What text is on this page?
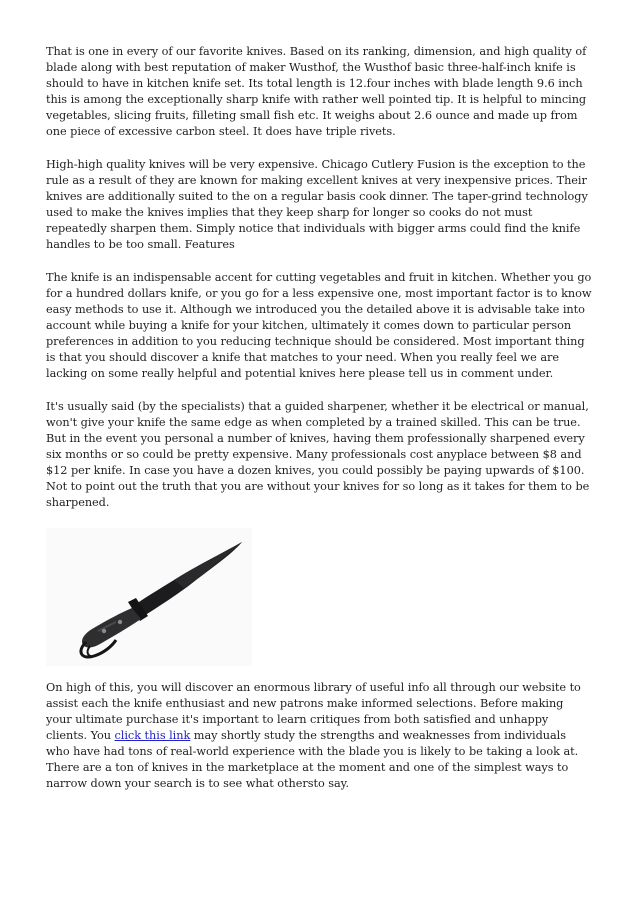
That is one in every of our favorite knives. Based on its ranking, dimension, and high quality of blade along with best reputation of maker Wusthof, the Wusthof basic three-half-inch knife is should to have in kitchen knife set. Its total length is 12.four inches with blade length 9.6 inch this is among the exceptionally sharp knife with rather well pointed tip. It is helpful to mincing vegetables, slicing fruits, filleting small fish etc. It weighs about 2.6 ounce and made up from one piece of excessive carbon steel. It does have triple rivets.

High-high quality knives will be very expensive. Chicago Cutlery Fusion is the exception to the rule as a result of they are known for making excellent knives at very inexpensive prices. Their knives are additionally suited to the on a regular basis cook dinner. The taper-grind technology used to make the knives implies that they keep sharp for longer so cooks do not must repeatedly sharpen them. Simply notice that individuals with bigger arms could find the knife handles to be too small. Features

The knife is an indispensable accent for cutting vegetables and fruit in kitchen. Whether you go for a hundred dollars knife, or you go for a less expensive one, most important factor is to know easy methods to use it. Although we introduced you the detailed above it is advisable take into account while buying a knife for your kitchen, ultimately it comes down to particular person preferences in addition to you reducing technique should be considered. Most important thing is that you should discover a knife that matches to your need. When you really feel we are lacking on some really helpful and potential knives here please tell us in comment under.

It's usually said (by the specialists) that a guided sharpener, whether it be electrical or manual, won't give your knife the same edge as when completed by a trained skilled. This can be true. But in the event you personal a number of knives, having them professionally sharpened every six months or so could be pretty expensive. Many professionals cost anyplace between $8 and $12 per knife. In case you have a dozen knives, you could possibly be paying upwards of $100. Not to point out the truth that you are without your knives for so long as it takes for them to be sharpened.

On high of this, you will discover an enormous library of useful info all through our website to assist each the knife enthusiast and new patrons make informed selections. Before making your ultimate purchase it's important to learn critiques from both satisfied and unhappy clients. You click this link may shortly study the strengths and weaknesses from individuals who have had tons of real-world experience with the blade you is likely to be taking a look at. There are a ton of knives in the marketplace at the moment and one of the simplest ways to narrow down your search is to see what othersto say.
